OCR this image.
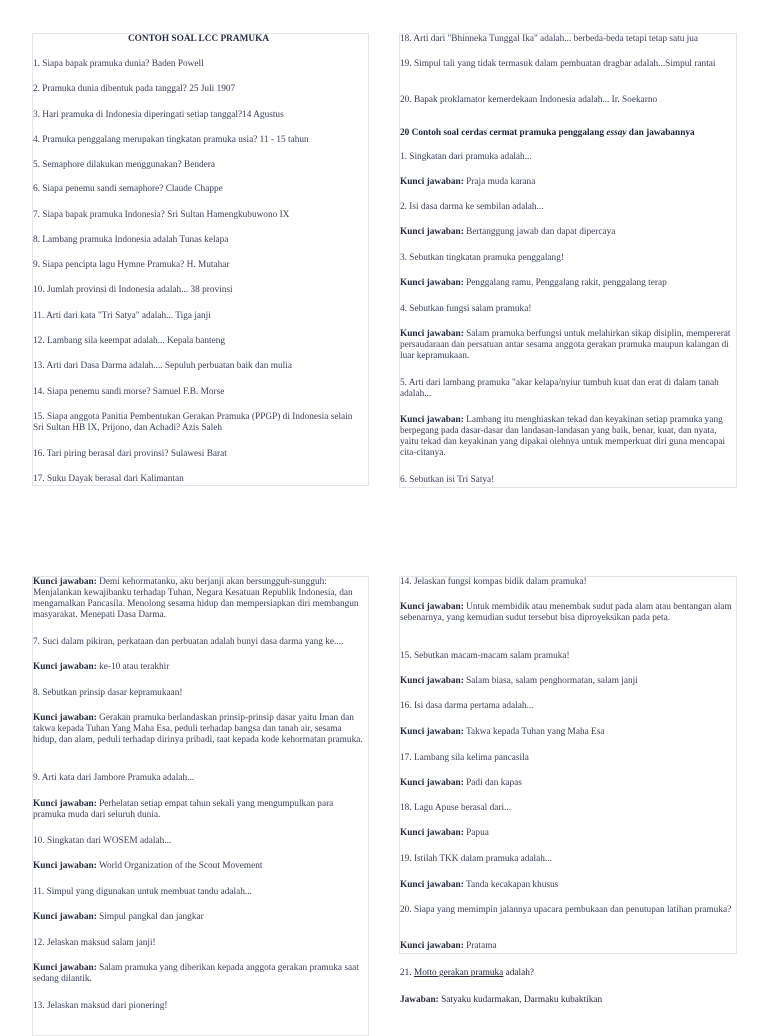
CONTOH SOAL LCC PRAMUKA

1. Siapa bapak pramuka dunia? Baden Powell

2. Pramuka dunia dibentuk pada tanggal? 25 Juli 1907

3. Hari pramuka di Indonesia diperingati setiap tanggal?14 Agustus

4. Pramuka penggalang merupakan tingkatan pramuka usia? 11 - 15 tahun

5. Semaphore dilakukan menggunakan? Bendera

6. Siapa penemu sandi semaphore? Claude Chappe

7. Siapa bapak pramuka Indonesia? Sri Sultan Hamengkubuwono IX

8. Lambang pramuka Indonesia adalah Tunas kelapa

9. Siapa pencipta lagu Hymne Pramuka? H. Mutahar

10. Jumlah provinsi di Indonesia adalah... 38 provinsi

11. Arti dari kata "Tri Satya" adalah... Tiga janji

12. Lambang sila keempat adalah... Kepala banteng

13. Arti dari Dasa Darma adalah.... Sepuluh perbuatan baik dan mulia

14. Siapa penemu sandi morse? Samuel F.B. Morse

15. Siapa anggota Panitia Pembentukan Gerakan Pramuka (PPGP) di Indonesia selain Sri Sultan HB IX, Prijono, dan Achadi? Azis Saleh

16. Tari piring berasal dari provinsi? Sulawesi Barat

17. Suku Dayak berasal dari Kalimantan

18. Arti dari "Bhinneka Tunggal Ika" adalah... berbeda-beda tetapi tetap satu jua

19. Simpul tali yang tidak termasuk dalam pembuatan dragbar adalah...Simpul rantai

20. Bapak proklamator kemerdekaan Indonesia adalah... Ir. Soekarno

20 Contoh soal cerdas cermat pramuka penggalang essay dan jawabannya

1. Singkatan dari pramuka adalah...

Kunci jawaban: Praja muda karana

2. Isi dasa darma ke sembilan adalah...

Kunci jawaban: Bertanggung jawab dan dapat dipercaya

3. Sebutkan tingkatan pramuka penggalang!

Kunci jawaban: Penggalang ramu, Penggalang rakit, penggalang terap

4. Sebutkan fungsi salam pramuka!

Kunci jawaban: Salam pramuka berfungsi untuk melahirkan sikap disiplin, mempererat persaudaraan dan persatuan antar sesama anggota gerakan pramuka maupun kalangan di luar kepramukaan.

5. Arti dari lambang pramuka "akar kelapa/nyiur tumbuh kuat dan erat di dalam tanah adalah...

Kunci jawaban: Lambang itu menghiaskan tekad dan keyakinan setiap pramuka yang berpegang pada dasar-dasar dan landasan-landasan yang baik, benar, kuat, dan nyata, yaitu tekad dan keyakinan yang dipakai olehnya untuk memperkuat diri guna mencapai cita-citanya.

6. Sebutkan isi Tri Satya!

Kunci jawaban: Demi kehormatanku, aku berjanji akan bersungguh-sungguh: Menjalankan kewajibanku terhadap Tuhan, Negara Kesatuan Republik Indonesia, dan mengamalkan Pancasila. Menolong sesama hidup dan mempersiapkan diri membangun masyarakat. Menepati Dasa Darma.

7. Suci dalam pikiran, perkataan dan perbuatan adalah bunyi dasa darma yang ke....

Kunci jawaban: ke-10 atau terakhir

8. Sebutkan prinsip dasar kepramukaan!

Kunci jawaban: Gerakan pramuka berlandaskan prinsip-prinsip dasar yaitu Iman dan takwa kepada Tuhan Yang Maha Esa, peduli terhadap bangsa dan tanah air, sesama hidup, dan alam, peduli terhadap dirinya pribadi, taat kepada kode kehormatan pramuka.

9. Arti kata dari Jambore Pramuka adalah...

Kunci jawaban: Perhelatan setiap empat tahun sekali yang mengumpulkan para pramuka muda dari seluruh dunia.

10. Singkatan dari WOSEM adalah...

Kunci jawaban: World Organization of the Scout Movement

11. Simpul yang digunakan untuk membuat tandu adalah...

Kunci jawaban: Simpul pangkal dan jangkar

12. Jelaskan maksud salam janji!

Kunci jawaban: Salam pramuka yang diberikan kepada anggota gerakan pramuka saat sedang dilantik.

13. Jelaskan maksud dari pionering!

14. Jelaskan fungsi kompas bidik dalam pramuka!

Kunci jawaban: Untuk membidik atau menembak sudut pada alam atau bentangan alam sebenarnya, yang kemudian sudut tersebut bisa diproyeksikan pada peta.

15. Sebutkan macam-macam salam pramuka!

Kunci jawaban: Salam biasa, salam penghormatan, salam janji

16. Isi dasa darma pertama adalah...

Kunci jawaban: Takwa kepada Tuhan yang Maha Esa

17. Lambang sila kelima pancasila

Kunci jawaban: Padi dan kapas

18. Lagu Apuse berasal dari...

Kunci jawaban: Papua

19. Istilah TKK dalam pramuka adalah...

Kunci jawaban: Tanda kecakapan khusus

20. Siapa yang memimpin jalannya upacara pembukaan dan penutupan latihan pramuka?

Kunci jawaban: Pratama

21. Motto gerakan pramuka adalah?

Jawaban: Satyaku kudarmakan, Darmaku kubaktikan
